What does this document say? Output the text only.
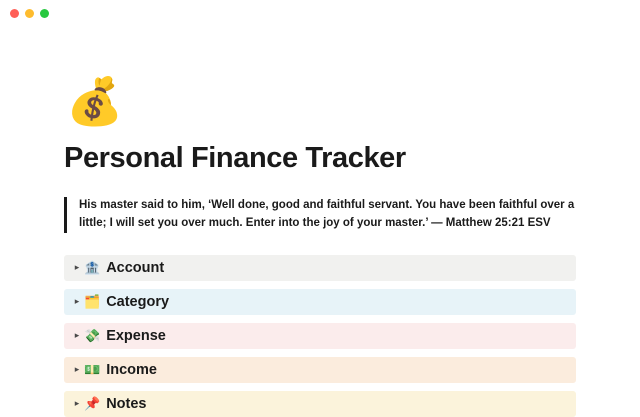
💰
Personal Finance Tracker
His master said to him, ‘Well done, good and faithful servant. You have been faithful over a little; I will set you over much. Enter into the joy of your master.’ — Matthew 25:21 ESV
▸ 🏦 Account
▸ 🗂️ Category
▸ 💸 Expense
▸ 💵 Income
▸ 📌 Notes
